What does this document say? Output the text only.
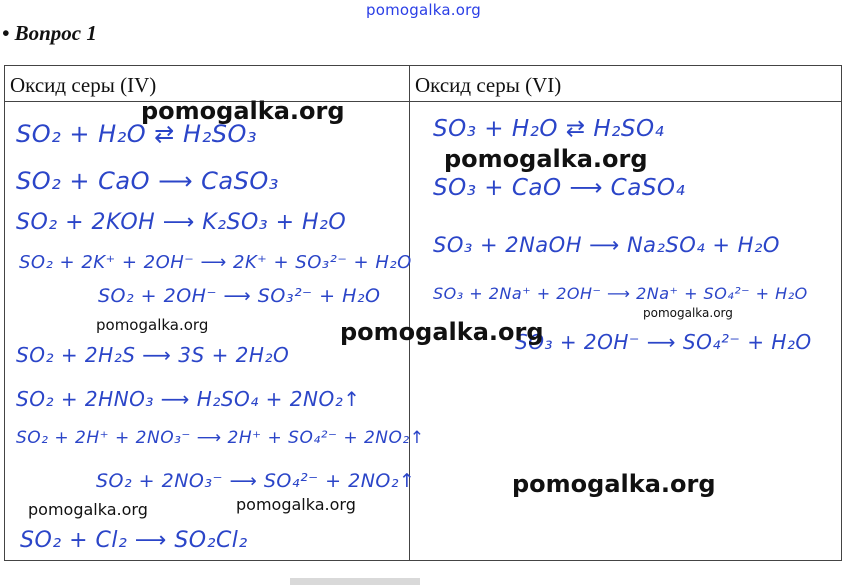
pomogalka.org
• Вопрос 1
Оксид серы (IV)	Оксид серы (VI)
SO₂ + H₂O ⇄ H₂SO₃
SO₂ + CaO ⟶ CaSO₃
SO₂ + 2KOH ⟶ K₂SO₃ + H₂O
SO₂ + 2K⁺ + 2OH⁻ ⟶ 2K⁺ + SO₃²⁻ + H₂O
SO₂ + 2OH⁻ ⟶ SO₃²⁻ + H₂O
SO₂ + 2H₂S ⟶ 3S + 2H₂O
SO₂ + 2HNO₃ ⟶ H₂SO₄ + 2NO₂↑
SO₂ + 2H⁺ + 2NO₃⁻ ⟶ 2H⁺ + SO₄²⁻ + 2NO₂↑
SO₂ + 2NO₃⁻ ⟶ SO₄²⁻ + 2NO₂↑
SO₂ + Cl₂ ⟶ SO₂Cl₂
SO₃ + H₂O ⇄ H₂SO₄
SO₃ + CaO ⟶ CaSO₄
SO₃ + 2NaOH ⟶ Na₂SO₄ + H₂O
SO₃ + 2Na⁺ + 2OH⁻ ⟶ 2Na⁺ + SO₄²⁻ + H₂O
SO₃ + 2OH⁻ ⟶ SO₄²⁻ + H₂O
pomogalka.org
pomogalka.org
pomogalka.org	pomogalka.org
pomogalka.org
pomogalka.org
pomogalka.org	pomogalka.org
